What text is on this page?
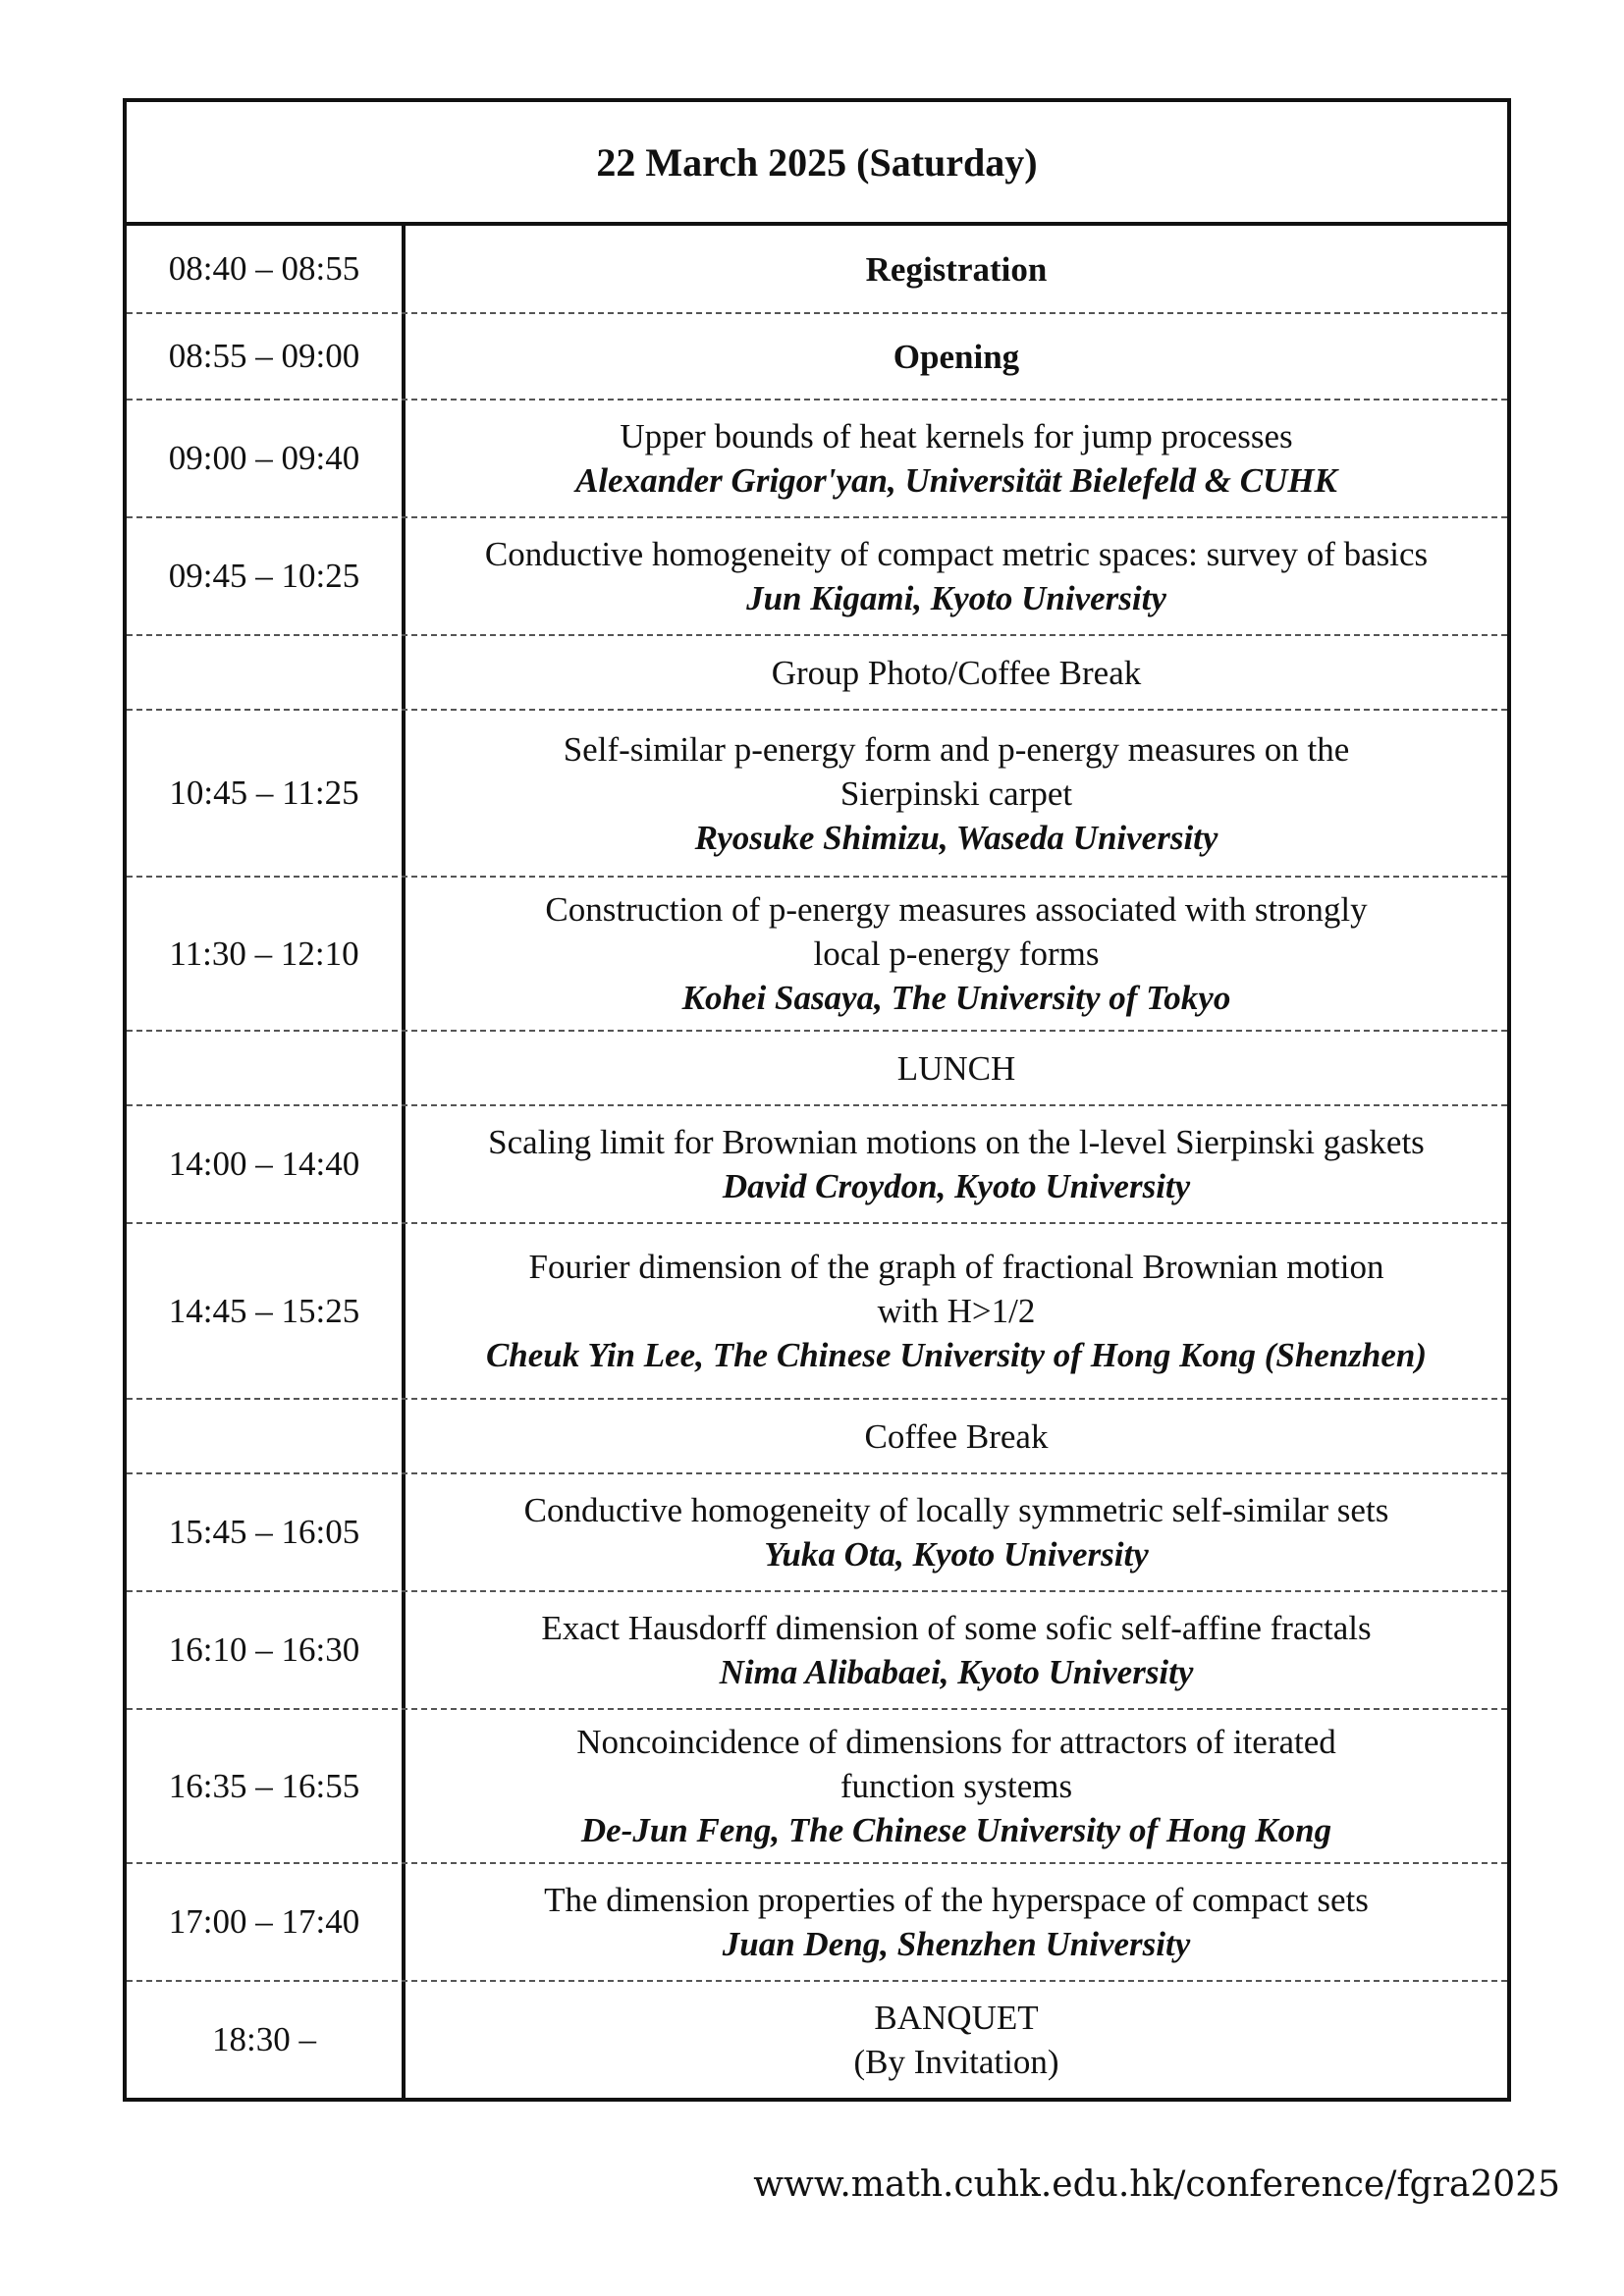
22 March 2025 (Saturday)
08:40 – 08:55	Registration
08:55 – 09:00	Opening
09:00 – 09:40
Upper bounds of heat kernels for jump processes
Alexander Grigor'yan, Universität Bielefeld & CUHK
09:45 – 10:25
Conductive homogeneity of compact metric spaces: survey of basics
Jun Kigami, Kyoto University
Group Photo/Coffee Break
10:45 – 11:25
Self-similar p-energy form and p-energy measures on the
Sierpinski carpet
Ryosuke Shimizu, Waseda University
11:30 – 12:10
Construction of p-energy measures associated with strongly
local p-energy forms
Kohei Sasaya, The University of Tokyo
LUNCH
14:00 – 14:40
Scaling limit for Brownian motions on the l-level Sierpinski gaskets
David Croydon, Kyoto University
14:45 – 15:25
Fourier dimension of the graph of fractional Brownian motion
with H>1/2
Cheuk Yin Lee, The Chinese University of Hong Kong (Shenzhen)
Coffee Break
15:45 – 16:05
Conductive homogeneity of locally symmetric self-similar sets
Yuka Ota, Kyoto University
16:10 – 16:30
Exact Hausdorff dimension of some sofic self-affine fractals
Nima Alibabaei, Kyoto University
16:35 – 16:55
Noncoincidence of dimensions for attractors of iterated
function systems
De-Jun Feng, The Chinese University of Hong Kong
17:00 – 17:40
The dimension properties of the hyperspace of compact sets
Juan Deng, Shenzhen University
18:30 –
BANQUET
(By Invitation)
www.math.cuhk.edu.hk/conference/fgra2025
